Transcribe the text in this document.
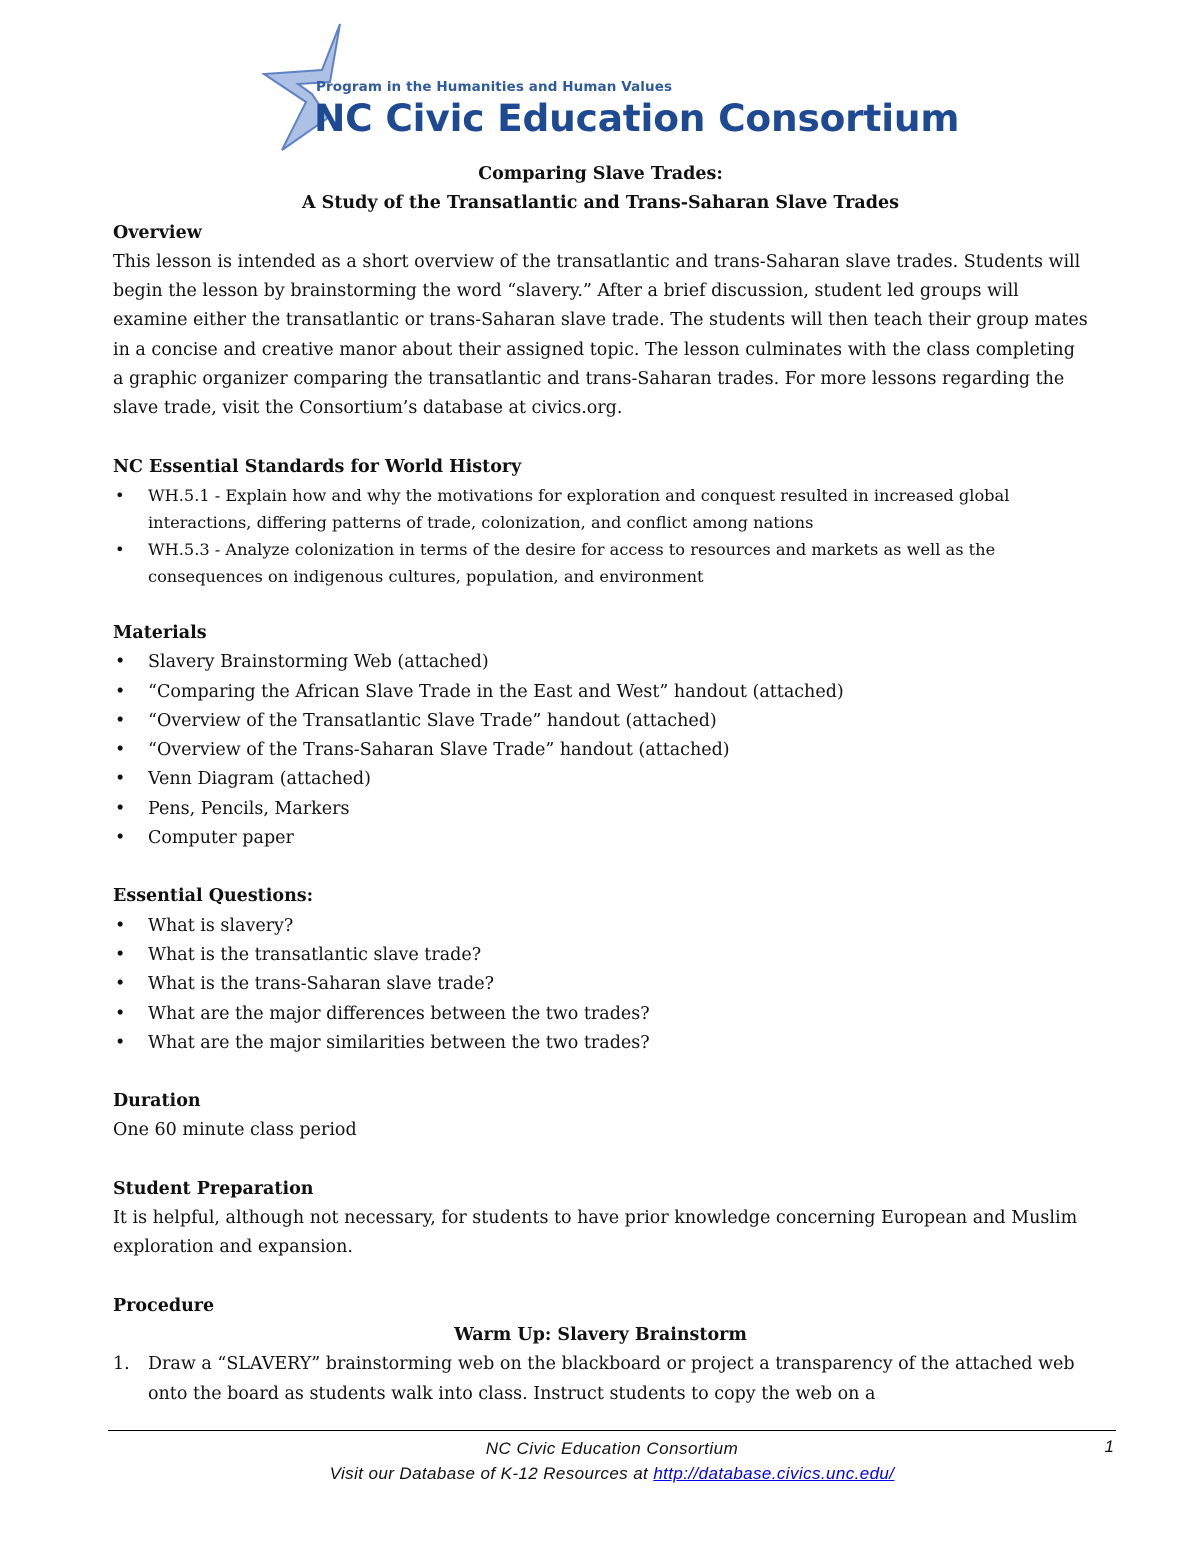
Program in the Humanities and Human Values
NC Civic Education Consortium
Comparing Slave Trades:
A Study of the Transatlantic and Trans-Saharan Slave Trades
Overview

This lesson is intended as a short overview of the transatlantic and trans-Saharan slave trades. Students will begin the lesson by brainstorming the word “slavery.” After a brief discussion, student led groups will examine either the transatlantic or trans-Saharan slave trade. The students will then teach their group mates in a concise and creative manor about their assigned topic. The lesson culminates with the class completing a graphic organizer comparing the transatlantic and trans-Saharan trades. For more lessons regarding the slave trade, visit the Consortium’s database at civics.org.

NC Essential Standards for World History
• WH.5.1 - Explain how and why the motivations for exploration and conquest resulted in increased global interactions, differing patterns of trade, colonization, and conflict among nations
• WH.5.3 - Analyze colonization in terms of the desire for access to resources and markets as well as the consequences on indigenous cultures, population, and environment
Materials
• Slavery Brainstorming Web (attached)
• “Comparing the African Slave Trade in the East and West” handout (attached)
• “Overview of the Transatlantic Slave Trade” handout (attached)
• “Overview of the Trans-Saharan Slave Trade” handout (attached)
• Venn Diagram (attached)
• Pens, Pencils, Markers
• Computer paper
Essential Questions:
• What is slavery?
• What is the transatlantic slave trade?
• What is the trans-Saharan slave trade?
• What are the major differences between the two trades?
• What are the major similarities between the two trades?
Duration

One 60 minute class period

Student Preparation

It is helpful, although not necessary, for students to have prior knowledge concerning European and Muslim exploration and expansion.

Procedure
Warm Up: Slavery Brainstorm
1. Draw a “SLAVERY” brainstorming web on the blackboard or project a transparency of the attached web onto the board as students walk into class. Instruct students to copy the web on a
NC Civic Education Consortium
Visit our Database of K-12 Resources at http://database.civics.unc.edu/
1
